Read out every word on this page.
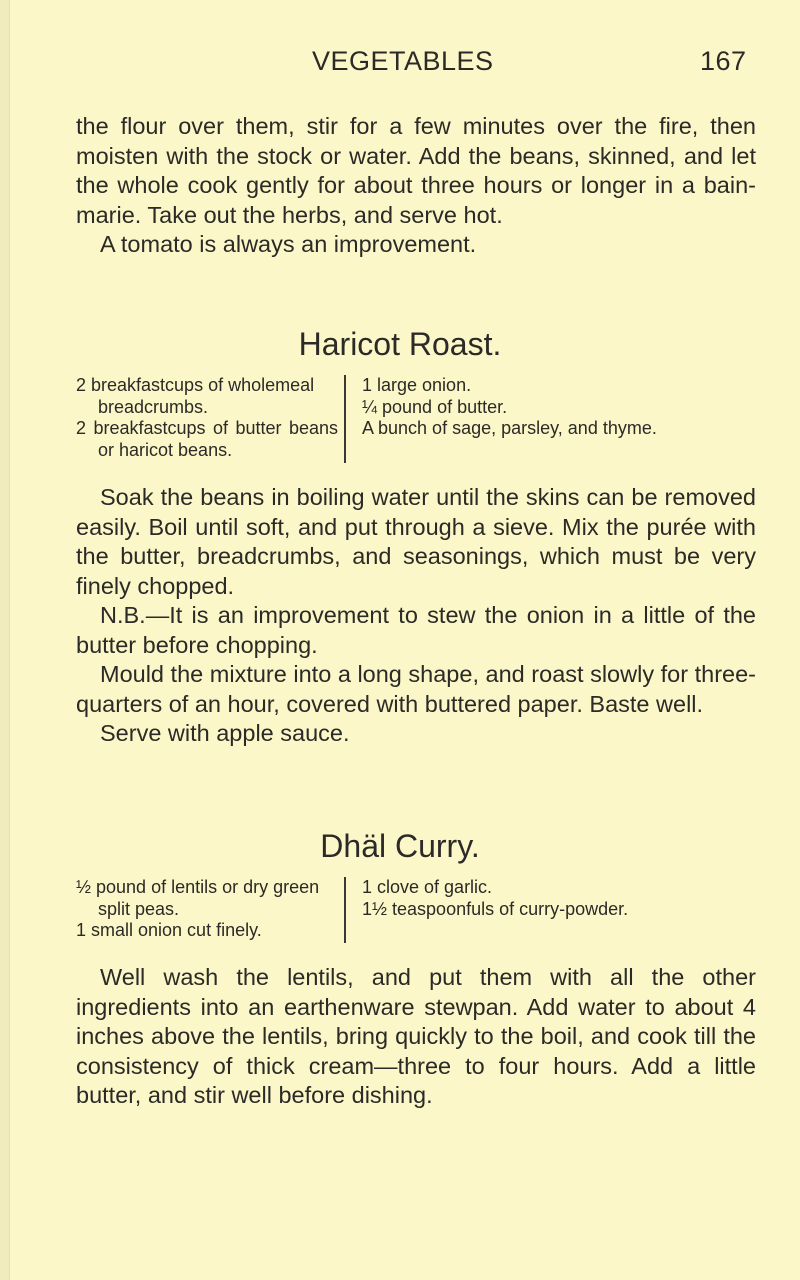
VEGETABLES	167

the flour over them, stir for a few minutes over the fire, then moisten with the stock or water. Add the beans, skinned, and let the whole cook gently for about three hours or longer in a bain-marie. Take out the herbs, and serve hot.

A tomato is always an improvement.

Haricot Roast.

2 breakfastcups of wholemeal breadcrumbs.

2 breakfastcups of butter beans or haricot beans.

1 large onion.

¼ pound of butter.

A bunch of sage, parsley, and thyme.

Soak the beans in boiling water until the skins can be removed easily. Boil until soft, and put through a sieve. Mix the purée with the butter, breadcrumbs, and seasonings, which must be very finely chopped.

N.B.—It is an improvement to stew the onion in a little of the butter before chopping.

Mould the mixture into a long shape, and roast slowly for three-quarters of an hour, covered with buttered paper. Baste well.

Serve with apple sauce.

Dhäl Curry.

½ pound of lentils or dry green split peas.

1 small onion cut finely.

1 clove of garlic.

1½ teaspoonfuls of curry-powder.

Well wash the lentils, and put them with all the other ingredients into an earthenware stewpan. Add water to about 4 inches above the lentils, bring quickly to the boil, and cook till the consistency of thick cream—three to four hours. Add a little butter, and stir well before dishing.
